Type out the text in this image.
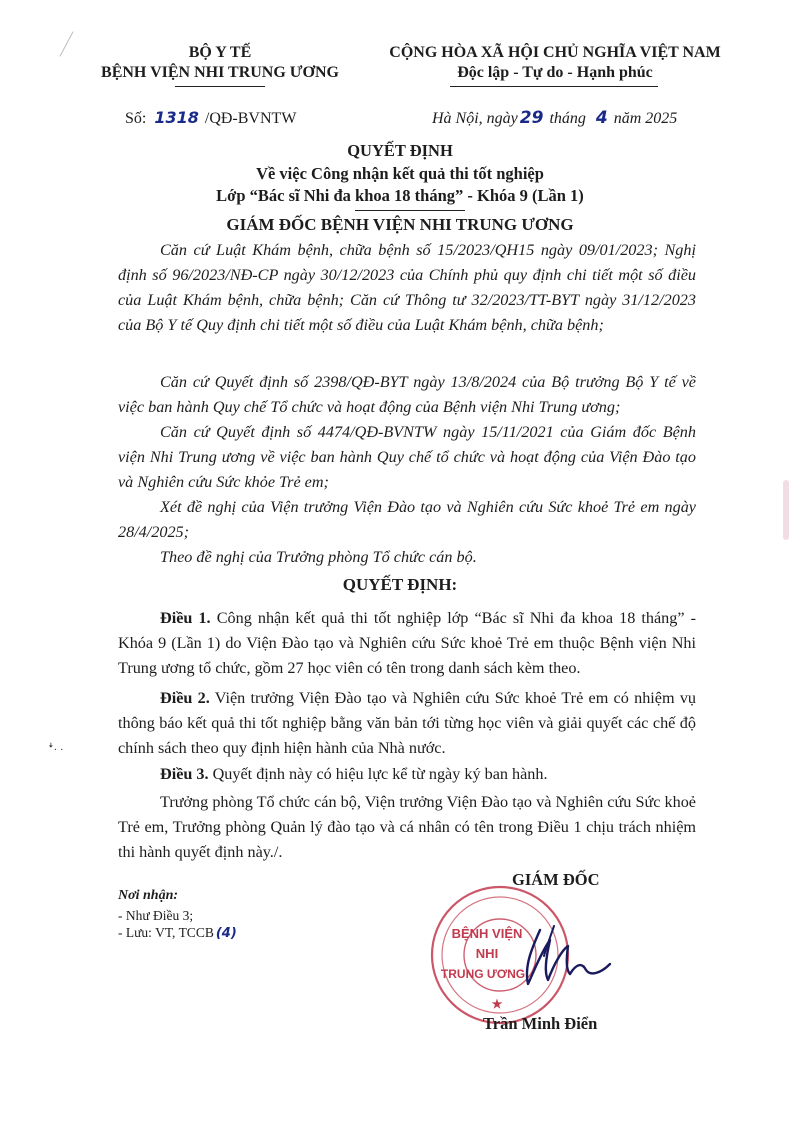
BỘ Y TẾ
BỆNH VIỆN NHI TRUNG ƯƠNG
CỘNG HÒA XÃ HỘI CHỦ NGHĨA VIỆT NAM
Độc lập - Tự do - Hạnh phúc
Số: 1318 /QĐ-BVNTW	Hà Nội, ngày 29 tháng 4 năm 2025
QUYẾT ĐỊNH
Về việc Công nhận kết quả thi tốt nghiệp
Lớp “Bác sĩ Nhi đa khoa 18 tháng” - Khóa 9 (Lần 1)
GIÁM ĐỐC BỆNH VIỆN NHI TRUNG ƯƠNG
Căn cứ Luật Khám bệnh, chữa bệnh số 15/2023/QH15 ngày 09/01/2023; Nghị định số 96/2023/NĐ-CP ngày 30/12/2023 của Chính phủ quy định chi tiết một số điều của Luật Khám bệnh, chữa bệnh; Căn cứ Thông tư 32/2023/TT-BYT ngày 31/12/2023 của Bộ Y tế Quy định chi tiết một số điều của Luật Khám bệnh, chữa bệnh;
Căn cứ Quyết định số 2398/QĐ-BYT ngày 13/8/2024 của Bộ trưởng Bộ Y tế về việc ban hành Quy chế Tổ chức và hoạt động của Bệnh viện Nhi Trung ương;
Căn cứ Quyết định số 4474/QĐ-BVNTW ngày 15/11/2021 của Giám đốc Bệnh viện Nhi Trung ương về việc ban hành Quy chế tổ chức và hoạt động của Viện Đào tạo và Nghiên cứu Sức khỏe Trẻ em;
Xét đề nghị của Viện trưởng Viện Đào tạo và Nghiên cứu Sức khoẻ Trẻ em ngày 28/4/2025;
Theo đề nghị của Trưởng phòng Tổ chức cán bộ.
QUYẾT ĐỊNH:
Điều 1. Công nhận kết quả thi tốt nghiệp lớp “Bác sĩ Nhi đa khoa 18 tháng” - Khóa 9 (Lần 1) do Viện Đào tạo và Nghiên cứu Sức khoẻ Trẻ em thuộc Bệnh viện Nhi Trung ương tổ chức, gồm 27 học viên có tên trong danh sách kèm theo.
Điều 2. Viện trưởng Viện Đào tạo và Nghiên cứu Sức khoẻ Trẻ em có nhiệm vụ thông báo kết quả thi tốt nghiệp bằng văn bản tới từng học viên và giải quyết các chế độ chính sách theo quy định hiện hành của Nhà nước.
Điều 3. Quyết định này có hiệu lực kể từ ngày ký ban hành.
Trưởng phòng Tổ chức cán bộ, Viện trưởng Viện Đào tạo và Nghiên cứu Sức khoẻ Trẻ em, Trưởng phòng Quản lý đào tạo và cá nhân có tên trong Điều 1 chịu trách nhiệm thi hành quyết định này./.
Nơi nhận:
- Như Điều 3;
- Lưu: VT, TCCB (4)
GIÁM ĐỐC
BỆNH VIỆN
NHI
TRUNG ƯƠNG
★
Trần Minh Điển
ꜜ· ·
